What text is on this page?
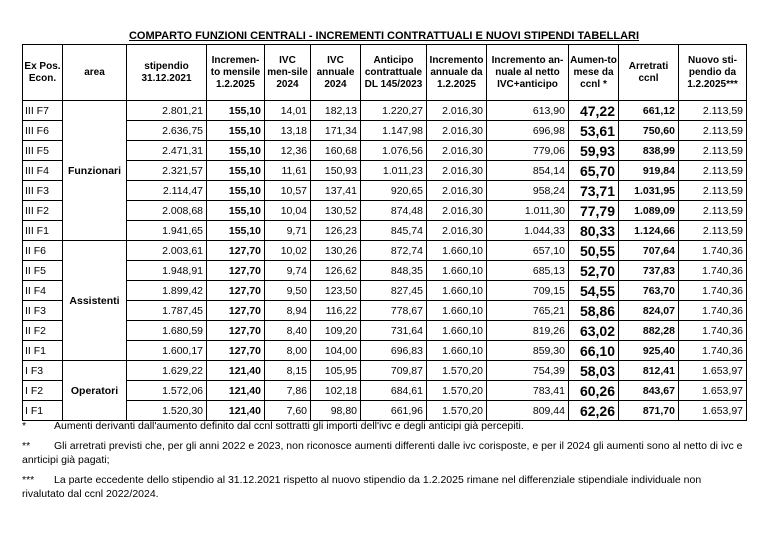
COMPARTO FUNZIONI CENTRALI - INCREMENTI CONTRATTUALI E NUOVI STIPENDI TABELLARI
Ex Pos. Econ.	area	stipendio 31.12.2021	Incremen-to mensile 1.2.2025	IVC men-sile 2024	IVC annuale 2024	Anticipo contrattuale DL 145/2023	Incremento annuale da 1.2.2025	Incremento an-nuale al netto IVC+anticipo	Aumen-to mese da ccnl *	Arretrati ccnl	Nuovo sti-pendio da 1.2.2025***
III F7	Funzionari	2.801,21	155,10	14,01	182,13	1.220,27	2.016,30	613,90	47,22	661,12	2.113,59
III F6		2.636,75	155,10	13,18	171,34	1.147,98	2.016,30	696,98	53,61	750,60	2.113,59
III F5		2.471,31	155,10	12,36	160,68	1.076,56	2.016,30	779,06	59,93	838,99	2.113,59
III F4		2.321,57	155,10	11,61	150,93	1.011,23	2.016,30	854,14	65,70	919,84	2.113,59
III F3		2.114,47	155,10	10,57	137,41	920,65	2.016,30	958,24	73,71	1.031,95	2.113,59
III F2		2.008,68	155,10	10,04	130,52	874,48	2.016,30	1.011,30	77,79	1.089,09	2.113,59
III F1		1.941,65	155,10	9,71	126,23	845,74	2.016,30	1.044,33	80,33	1.124,66	2.113,59
II F6	Assistenti	2.003,61	127,70	10,02	130,26	872,74	1.660,10	657,10	50,55	707,64	1.740,36
II F5		1.948,91	127,70	9,74	126,62	848,35	1.660,10	685,13	52,70	737,83	1.740,36
II F4		1.899,42	127,70	9,50	123,50	827,45	1.660,10	709,15	54,55	763,70	1.740,36
II F3		1.787,45	127,70	8,94	116,22	778,67	1.660,10	765,21	58,86	824,07	1.740,36
II F2		1.680,59	127,70	8,40	109,20	731,64	1.660,10	819,26	63,02	882,28	1.740,36
II F1		1.600,17	127,70	8,00	104,00	696,83	1.660,10	859,30	66,10	925,40	1.740,36
I F3	Operatori	1.629,22	121,40	8,15	105,95	709,87	1.570,20	754,39	58,03	812,41	1.653,97
I F2		1.572,06	121,40	7,86	102,18	684,61	1.570,20	783,41	60,26	843,67	1.653,97
I F1		1.520,30	121,40	7,60	98,80	661,96	1.570,20	809,44	62,26	871,70	1.653,97
*	Aumenti derivanti dall'aumento definito dal ccnl sottratti gli importi dell'ivc e degli anticipi già percepiti.
** Gli arretrati previsti che, per gli anni 2022 e 2023, non riconosce aumenti differenti dalle ivc corisposte, e per il 2024 gli aumenti sono al netto di ivc e anrticipi già pagati;
*** La parte eccedente dello stipendio al 31.12.2021 rispetto al nuovo stipendio da 1.2.2025 rimane nel differenziale stipendiale individuale non rivalutato dal ccnl 2022/2024.
